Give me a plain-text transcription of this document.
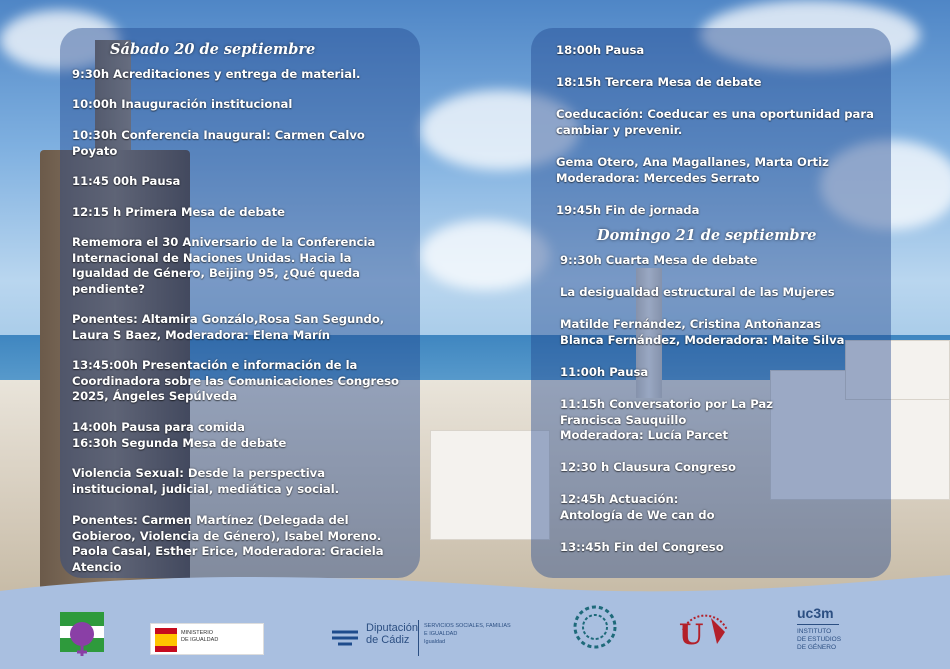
Sábado 20 de septiembre
9:30h Acreditaciones y entrega de material.
10:00h Inauguración institucional
10:30h Conferencia Inaugural: Carmen Calvo
Poyato
11:45 00h Pausa
12:15 h Primera Mesa de debate
Rememora el 30 Aniversario de la Conferencia
Internacional de Naciones Unidas. Hacia la
Igualdad de Género, Beijing 95, ¿Qué queda
pendiente?
Ponentes: Altamira Gonzálo,Rosa San Segundo,
Laura S Baez, Moderadora: Elena Marín
13:45:00h Presentación e información de la
Coordinadora sobre las Comunicaciones Congreso
2025, Ángeles Sepúlveda
14:00h Pausa para comida
16:30h Segunda Mesa de debate
Violencia Sexual: Desde la perspectiva
institucional, judicial, mediática y social.
Ponentes: Carmen Martínez (Delegada del
Gobieroo, Violencia de Género), Isabel Moreno.
Paola Casal, Esther Erice, Moderadora: Graciela
Atencio
18:00h Pausa
18:15h Tercera Mesa de debate
Coeducación: Coeducar es una oportunidad para
cambiar y prevenir.
Gema Otero, Ana Magallanes, Marta Ortiz
Moderadora: Mercedes Serrato
19:45h Fin de jornada
Domingo 21 de septiembre
9::30h Cuarta Mesa de debate
La desigualdad estructural de las Mujeres
Matilde Fernández, Cristina Antoñanzas
Blanca Fernández, Moderadora: Maite Silva
11:00h Pausa
11:15h Conversatorio por La Paz
Francisca Sauquillo
Moderadora: Lucía Parcet
12:30 h Clausura Congreso
12:45h Actuación:
Antología de We can do
13::45h Fin del Congreso
MINISTERIO
DE IGUALDAD
Diputación
de Cádiz
SERVICIOS SOCIALES, FAMILIAS
E IGUALDAD
Igualdad	U
uc3m
INSTITUTO
DE ESTUDIOS
DE GÉNERO
